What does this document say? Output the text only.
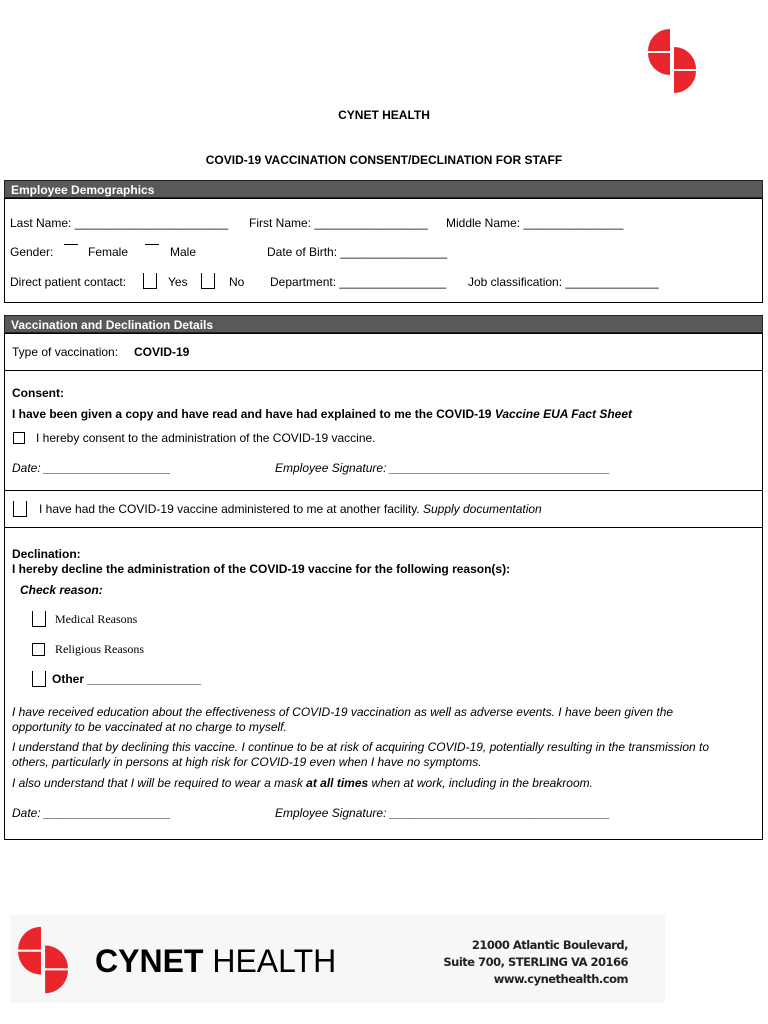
CYNET HEALTH
COVID-19 VACCINATION CONSENT/DECLINATION FOR STAFF
Employee Demographics
Last Name: _______________________ First Name: _________________ Middle Name: _______________
Gender:	Female	Male	Date of Birth: ________________
Direct patient contact:	Yes	No Department: ________________ Job classification: ______________
Vaccination and Declination Details
Type of vaccination: COVID-19
Consent:
I have been given a copy and have read and have had explained to me the COVID-19 Vaccine EUA Fact Sheet
I hereby consent to the administration of the COVID-19 vaccine.
Date: ___________________	Employee Signature: _________________________________
I have had the COVID-19 vaccine administered to me at another facility. Supply documentation
Declination:
I hereby decline the administration of the COVID-19 vaccine for the following reason(s):
Check reason:
Medical Reasons
Religious Reasons
Other _________________
I have received education about the effectiveness of COVID-19 vaccination as well as adverse events. I have been given the
opportunity to be vaccinated at no charge to myself.
I understand that by declining this vaccine. I continue to be at risk of acquiring COVID-19, potentially resulting in the transmission to
others, particularly in persons at high risk for COVID-19 even when I have no symptoms.
I also understand that I will be required to wear a mask at all times when at work, including in the breakroom.
Date: ___________________	Employee Signature: _________________________________
CYNET HEALTH	21000 Atlantic Boulevard,
Suite 700, STERLING VA 20166
www.cynethealth.com
